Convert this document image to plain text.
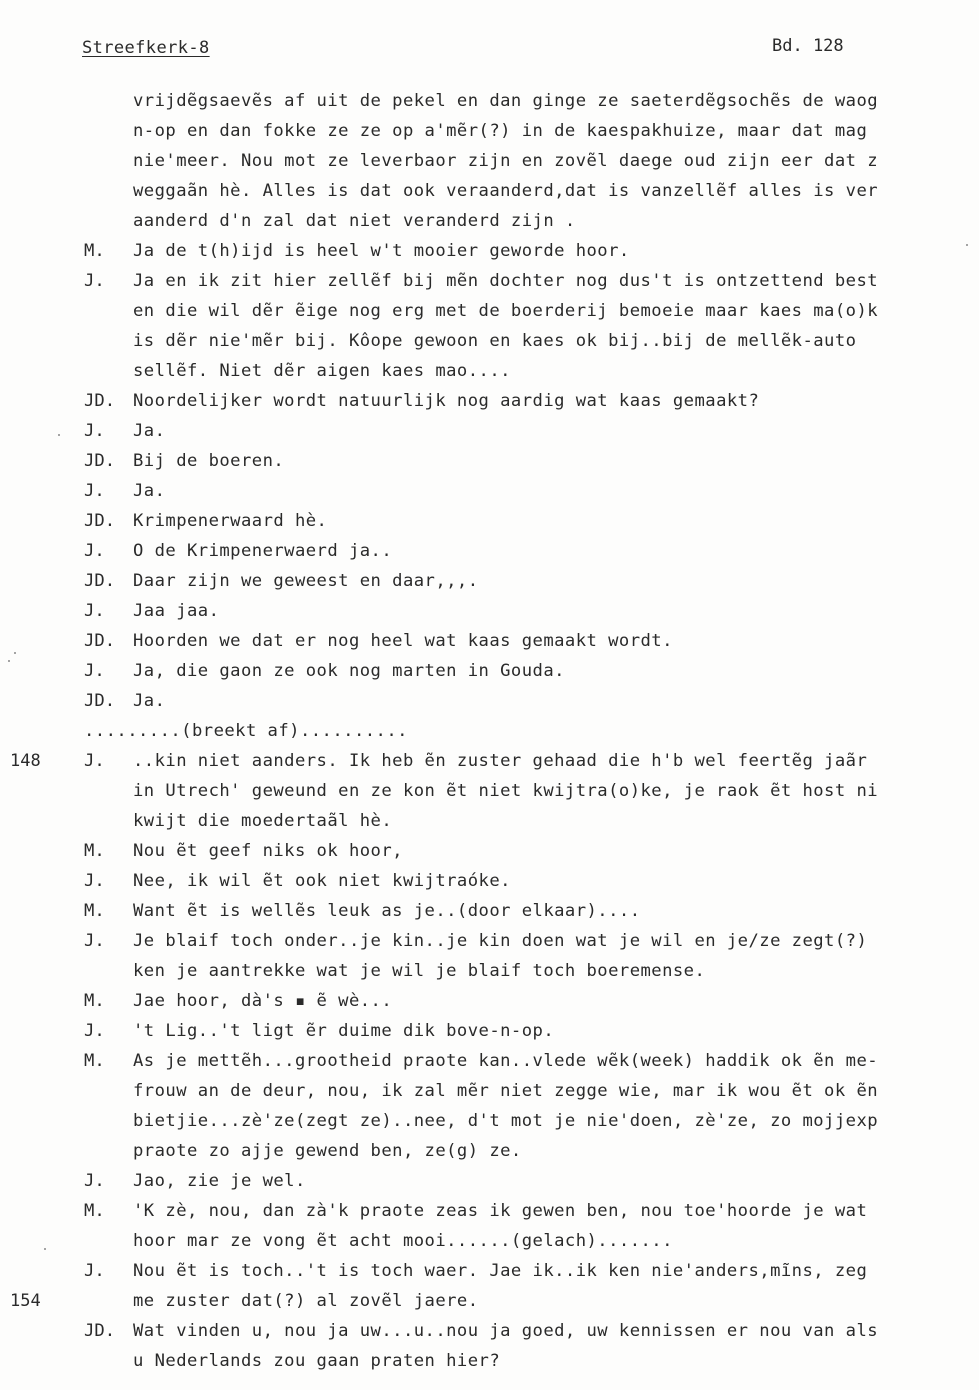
Streefkerk-8	Bd. 128
vrijdẽgsaevẽs af uit de pekel en dan ginge ze saeterdẽgsochẽs de waog
n-op en dan fokke ze ze op a'mẽr(?) in de kaespakhuize, maar dat mag
nie'meer. Nou mot ze leverbaor zijn en zovẽl daege oud zijn eer dat z
weggaãn hè. Alles is dat ook veraanderd,dat is vanzellẽf alles is ver
aanderd d'n zal dat niet veranderd zijn .
M. Ja de t(h)ijd is heel w't mooier geworde hoor.
J. Ja en ik zit hier zellẽf bij mẽn dochter nog dus't is ontzettend best
en die wil dẽr ẽige nog erg met de boerderij bemoeie maar kaes ma(o)k
is dẽr nie'mẽr bij. Kôope gewoon en kaes ok bij..bij de mellẽk-auto
sellẽf. Niet dẽr aigen kaes mao....
JD. Noordelijker wordt natuurlijk nog aardig wat kaas gemaakt?
J. Ja.
JD. Bij de boeren.
J. Ja.
JD. Krimpenerwaard hè.
J. O de Krimpenerwaerd ja..
JD. Daar zijn we geweest en daar,,,.
J. Jaa jaa.
JD. Hoorden we dat er nog heel wat kaas gemaakt wordt.
J. Ja, die gaon ze ook nog marten in Gouda.
JD. Ja.
.........(breekt af)..........
148	J. ..kin niet aanders. Ik heb ẽn zuster gehaad die h'b wel feertẽg jaãr
in Utrech' geweund en ze kon ẽt niet kwijtra(o)ke, je raok ẽt host ni
kwijt die moedertaãl hè.
M. Nou ẽt geef niks ok hoor,
J. Nee, ik wil ẽt ook niet kwijtraóke.
M. Want ẽt is wellẽs leuk as je..(door elkaar)....
J. Je blaif toch onder..je kin..je kin doen wat je wil en je/ze zegt(?)
ken je aantrekke wat je wil je blaif toch boeremense.
M. Jae hoor, dà's ▪ ẽ wè...
J. 't Lig..'t ligt ẽr duime dik bove-n-op.
M. As je mettẽh...grootheid praote kan..vlede wẽk(week) haddik ok ẽn me-
frouw an de deur, nou, ik zal mẽr niet zegge wie, mar ik wou ẽt ok ẽn
bietjie...zè'ze(zegt ze)..nee, d't mot je nie'doen, zè'ze, zo mojjexp
praote zo ajje gewend ben, ze(g) ze.
J. Jao, zie je wel.
M. 'K zè, nou, dan zà'k praote zeas ik gewen ben, nou toe'hoorde je wat
hoor mar ze vong ẽt acht mooi......(gelach).......
J. Nou ẽt is toch..'t is toch waer. Jae ik..ik ken nie'anders,mĩns, zeg
154	me zuster dat(?) al zovẽl jaere.
JD. Wat vinden u, nou ja uw...u..nou ja goed, uw kennissen er nou van als
u Nederlands zou gaan praten hier?
